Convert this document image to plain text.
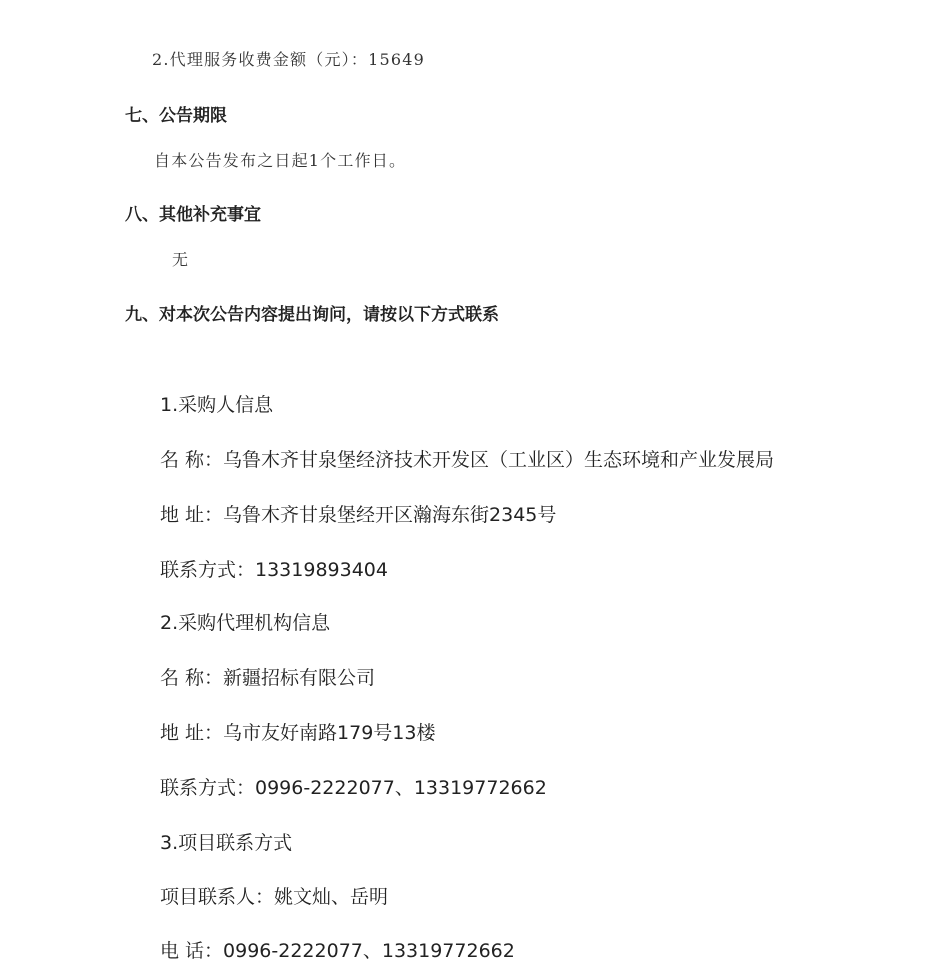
2.代理服务收费金额（元）：15649
七、公告期限
自本公告发布之日起1个工作日。
八、其他补充事宜
无
九、对本次公告内容提出询问，请按以下方式联系
1.采购人信息
名 称：乌鲁木齐甘泉堡经济技术开发区（工业区）生态环境和产业发展局
地 址：乌鲁木齐甘泉堡经开区瀚海东街2345号
联系方式：13319893404
2.采购代理机构信息
名 称：新疆招标有限公司
地 址：乌市友好南路179号13楼
联系方式：0996-2222077、13319772662
3.项目联系方式
项目联系人：姚文灿、岳明
电 话：0996-2222077、13319772662
